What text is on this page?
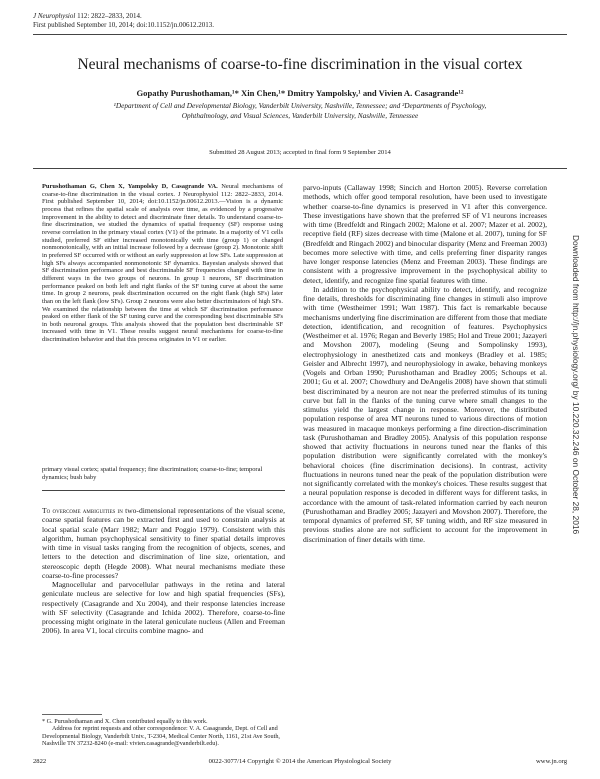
J Neurophysiol 112: 2822–2833, 2014.
First published September 10, 2014; doi:10.1152/jn.00612.2013.
Neural mechanisms of coarse-to-fine discrimination in the visual cortex
Gopathy Purushothaman,¹* Xin Chen,¹* Dmitry Yampolsky,¹ and Vivien A. Casagrande¹²
¹Department of Cell and Developmental Biology, Vanderbilt University, Nashville, Tennessee; and ²Departments of Psychology, Ophthalmology, and Visual Sciences, Vanderbilt University, Nashville, Tennessee
Submitted 28 August 2013; accepted in final form 9 September 2014
Purushothaman G, Chen X, Yampolsky D, Casagrande VA. Neural mechanisms of coarse-to-fine discrimination in the visual cortex. J Neurophysiol 112: 2822–2833, 2014. First published September 10, 2014; doi:10.1152/jn.00612.2013.—Vision is a dynamic process that refines the spatial scale of analysis over time, as evidenced by a progressive improvement in the ability to detect and discriminate finer details. To understand coarse-to-fine discrimination, we studied the dynamics of spatial frequency (SF) response using reverse correlation in the primary visual cortex (V1) of the primate. In a majority of V1 cells studied, preferred SF either increased monotonically with time (group 1) or changed nonmonotonically, with an initial increase followed by a decrease (group 2). Monotonic shift in preferred SF occurred with or without an early suppression at low SFs. Late suppression at high SFs always accompanied nonmonotonic SF dynamics. Bayesian analysis showed that SF discrimination performance and best discriminable SF frequencies changed with time in different ways in the two groups of neurons. In group 1 neurons, SF discrimination performance peaked on both left and right flanks of the SF tuning curve at about the same time. In group 2 neurons, peak discrimination occurred on the right flank (high SFs) later than on the left flank (low SFs). Group 2 neurons were also better discriminators of high SFs. We examined the relationship between the time at which SF discrimination performance peaked on either flank of the SF tuning curve and the corresponding best discriminable SFs in both neuronal groups. This analysis showed that the population best discriminable SF increased with time in V1. These results suggest neural mechanisms for coarse-to-fine discrimination behavior and that this process originates in V1 or earlier.
primary visual cortex; spatial frequency; fine discrimination; coarse-to-fine; temporal dynamics; bush baby

To overcome ambiguities in two-dimensional representations of the visual scene, coarse spatial features can be extracted first and used to constrain analysis at local spatial scale (Marr 1982; Marr and Poggio 1979). Consistent with this algorithm, human psychophysical sensitivity to finer spatial details improves with time in visual tasks ranging from the recognition of objects, scenes, and letters to the detection and discrimination of line size, orientation, and stereoscopic depth (Hegde 2008). What neural mechanisms mediate these coarse-to-fine processes?

Magnocellular and parvocellular pathways in the retina and lateral geniculate nucleus are selective for low and high spatial frequencies (SFs), respectively (Casagrande and Xu 2004), and their response latencies increase with SF selectivity (Casagrande and Ichida 2002). Therefore, coarse-to-fine processing might originate in the lateral geniculate nucleus (Allen and Freeman 2006). In area V1, local circuits combine magno- and

parvo-inputs (Callaway 1998; Sincich and Horton 2005). Reverse correlation methods, which offer good temporal resolution, have been used to investigate whether coarse-to-fine dynamics is preserved in V1 after this convergence. These investigations have shown that the preferred SF of V1 neurons increases with time (Bredfeldt and Ringach 2002; Malone et al. 2007; Mazer et al. 2002), receptive field (RF) sizes decrease with time (Malone et al. 2007), tuning for SF (Bredfeldt and Ringach 2002) and binocular disparity (Menz and Freeman 2003) becomes more selective with time, and cells preferring finer disparity ranges have longer response latencies (Menz and Freeman 2003). These findings are consistent with a progressive improvement in the psychophysical ability to detect, identify, and recognize fine spatial features with time.

In addition to the psychophysical ability to detect, identify, and recognize fine details, thresholds for discriminating fine changes in stimuli also improve with time (Westheimer 1991; Watt 1987). This fact is remarkable because mechanisms underlying fine discrimination are different from those that mediate detection, identification, and recognition of features. Psychophysics (Westheimer et al. 1976; Regan and Beverly 1985; Hol and Treue 2001; Jazayeri and Movshon 2007), modeling (Seung and Sompolinsky 1993), electrophysiology in anesthetized cats and monkeys (Bradley et al. 1985; Geisler and Albrecht 1997), and neurophysiology in awake, behaving monkeys (Vogels and Orban 1990; Purushothaman and Bradley 2005; Schoups et al. 2001; Gu et al. 2007; Chowdhury and DeAngelis 2008) have shown that stimuli best discriminated by a neuron are not near the preferred stimulus of its tuning curve but fall in the flanks of the tuning curve where small changes to the stimulus yield the largest change in response. Moreover, the distributed population response of area MT neurons tuned to various directions of motion was measured in macaque monkeys performing a fine direction-discrimination task (Purushothaman and Bradley 2005). Analysis of this population response showed that activity fluctuations in neurons tuned near the flanks of this population distribution were significantly correlated with the monkey's behavioral choices (fine discrimination decisions). In contrast, activity fluctuations in neurons tuned near the peak of the population distribution were not significantly correlated with the monkey's choices. These results suggest that a neural population response is decoded in different ways for different tasks, in accordance with the amount of task-related information carried by each neuron (Purushothaman and Bradley 2005; Jazayeri and Movshon 2007). Therefore, the temporal dynamics of preferred SF, SF tuning width, and RF size measured in previous studies alone are not sufficient to account for the improvement in discrimination of finer details with time.

* G. Purushothaman and X. Chen contributed equally to this work.

Address for reprint requests and other correspondence: V. A. Casagrande, Dept. of Cell and Developmental Biology, Vanderbilt Univ., T-2304, Medical Center North, 1161, 21st Ave South, Nashville TN 37232-8240 (e-mail: vivien.casagrande@vanderbilt.edu).

2822	0022-3077/14 Copyright © 2014 the American Physiological Society	www.jn.org
Downloaded from http://jn.physiology.org/ by 10.220.32.246 on October 28, 2016
